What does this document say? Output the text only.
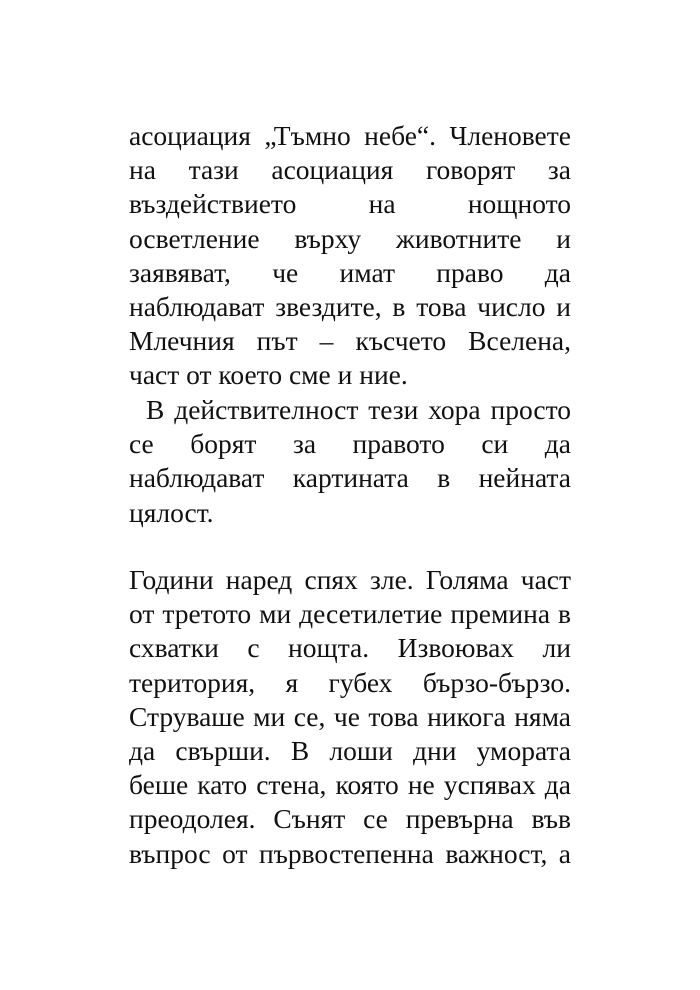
асоциация „Тъмно небе“. Членовете
на тази асоциация говорят за
въздействието на нощното
осветление върху животните и
заявяват, че имат право да
наблюдават звездите, в това число и
Млечния път – късчето Вселена,
част от което сме и ние.
В действителност тези хора просто
се борят за правото си да
наблюдават картината в нейната
цялост.
Години наред спях зле. Голяма част
от третото ми десетилетие премина в
схватки с нощта. Извоювах ли
територия, я губех бързо-бързо.
Струваше ми се, че това никога няма
да свърши. В лоши дни умората
беше като стена, която не успявах да
преодолея. Сънят се превърна във
въпрос от първостепенна важност, а
